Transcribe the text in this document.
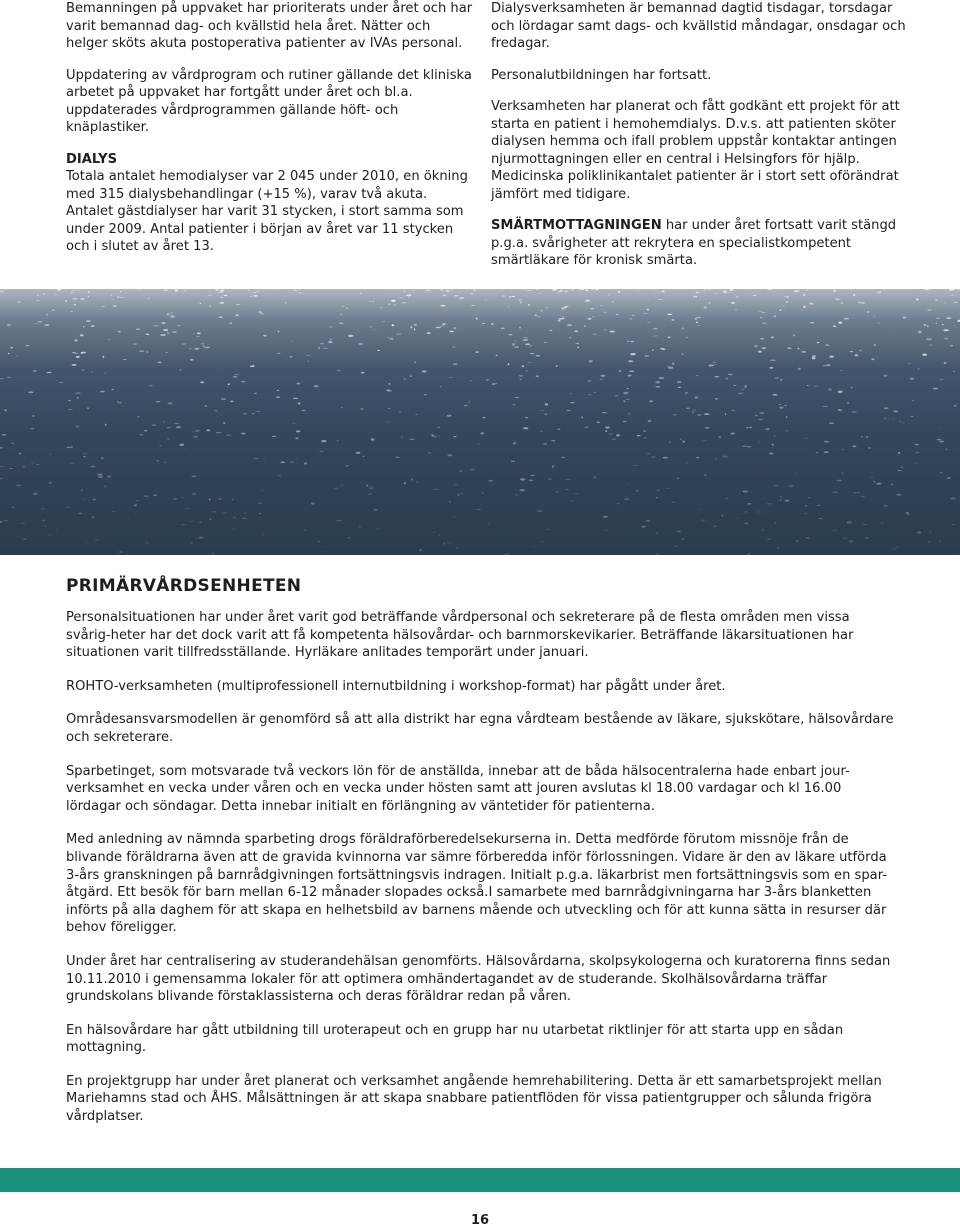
Bemanningen på uppvaket har prioriterats under året och har varit bemannad dag- och kvällstid hela året. Nätter och helger sköts akuta postoperativa patienter av IVAs personal.

Uppdatering av vårdprogram och rutiner gällande det kliniska arbetet på uppvaket har fortgått under året och bl.a. uppdaterades vårdprogrammen gällande höft- och knäplastiker.

DIALYS
Totala antalet hemodialyser var 2 045 under 2010, en ökning med 315 dialysbehandlingar (+15 %), varav två akuta. Antalet gästdialyser har varit 31 stycken, i stort samma som under 2009. Antal patienter i början av året var 11 stycken och i slutet av året 13.

Dialysverksamheten är bemannad dagtid tisdagar, torsdagar och lördagar samt dags- och kvällstid måndagar, onsdagar och fredagar.

Personalutbildningen har fortsatt.

Verksamheten har planerat och fått godkänt ett projekt för att starta en patient i hemohemdialys. D.v.s. att patienten sköter dialysen hemma och ifall problem uppstår kontaktar antingen njurmottagningen eller en central i Helsingfors för hjälp. Medicinska poliklinikantalet patienter är i stort sett oförändrat jämfört med tidigare.

SMÄRTMOTTAGNINGEN har under året fortsatt varit stängd p.g.a. svårigheter att rekrytera en specialistkompetent smärtläkare för kronisk smärta.

PRIMÄRVÅRDSENHETEN

Personalsituationen har under året varit god beträffande vårdpersonal och sekreterare på de flesta områden men vissa svårig-heter har det dock varit att få kompetenta hälsovårdar- och barnmorskevikarier. Beträffande läkarsituationen har situationen varit tillfredsställande. Hyrläkare anlitades temporärt under januari.

ROHTO-verksamheten (multiprofessionell internutbildning i workshop-format) har pågått under året.

Områdesansvarsmodellen är genomförd så att alla distrikt har egna vårdteam bestående av läkare, sjukskötare, hälsovårdare och sekreterare.

Sparbetinget, som motsvarade två veckors lön för de anställda, innebar att de båda hälsocentralerna hade enbart jour-verksamhet en vecka under våren och en vecka under hösten samt att jouren avslutas kl 18.00 vardagar och kl 16.00 lördagar och söndagar. Detta innebar initialt en förlängning av väntetider för patienterna.

Med anledning av nämnda sparbeting drogs föräldraförberedelsekurserna in. Detta medförde förutom missnöje från de blivande föräldrarna även att de gravida kvinnorna var sämre förberedda inför förlossningen. Vidare är den av läkare utförda 3-års granskningen på barnrådgivningen fortsättningsvis indragen. Initialt p.g.a. läkarbrist men fortsättningsvis som en spar-åtgärd. Ett besök för barn mellan 6-12 månader slopades också.I samarbete med barnrådgivningarna har 3-års blanketten införts på alla daghem för att skapa en helhetsbild av barnens mående och utveckling och för att kunna sätta in resurser där behov föreligger.

Under året har centralisering av studerandehälsan genomförts. Hälsovårdarna, skolpsykologerna och kuratorerna finns sedan 10.11.2010 i gemensamma lokaler för att optimera omhändertagandet av de studerande. Skolhälsovårdarna träffar grundskolans blivande förstaklassisterna och deras föräldrar redan på våren.

En hälsovårdare har gått utbildning till uroterapeut och en grupp har nu utarbetat riktlinjer för att starta upp en sådan mottagning.

En projektgrupp har under året planerat och verksamhet angående hemrehabilitering. Detta är ett samarbetsprojekt mellan Mariehamns stad och ÅHS. Målsättningen är att skapa snabbare patientflöden för vissa patientgrupper och sålunda frigöra vårdplatser.

16
